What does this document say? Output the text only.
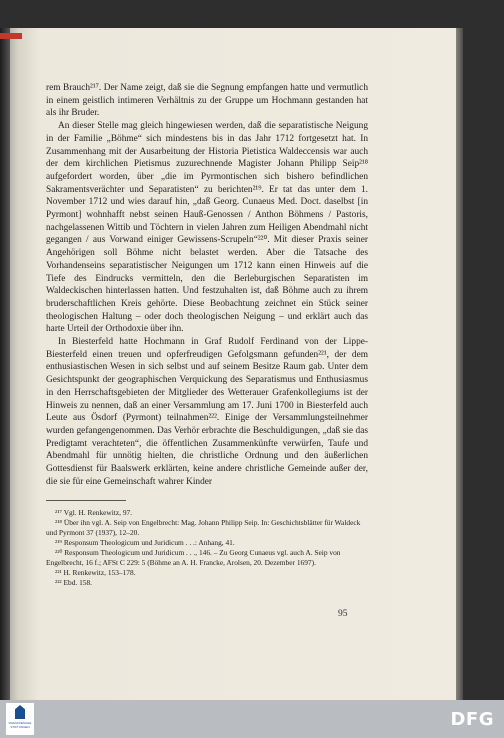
rem Brauch²¹⁷. Der Name zeigt, daß sie die Segnung empfangen hatte und vermutlich in einem geistlich intimeren Verhältnis zu der Gruppe um Hochmann gestanden hat als ihr Bruder.

An dieser Stelle mag gleich hingewiesen werden, daß die separatistische Neigung in der Familie „Böhme“ sich mindestens bis in das Jahr 1712 fortgesetzt hat. In Zusammenhang mit der Ausarbeitung der Historia Pietistica Waldeccensis war auch der dem kirchlichen Pietismus zuzurechnende Magister Johann Philipp Seip²¹⁸ aufgefordert worden, über „die im Pyrmontischen sich bishero befindlichen Sakramentsverächter und Separatisten“ zu berichten²¹⁹. Er tat das unter dem 1. November 1712 und wies darauf hin, „daß Georg. Cunaeus Med. Doct. daselbst [in Pyrmont] wohnhafft nebst seinen Hauß-Genossen / Anthon Böhmens / Pastoris, nachgelassenen Wittib und Töchtern in vielen Jahren zum Heiligen Abendmahl nicht gegangen / aus Vorwand einiger Gewissens-Scrupeln“²²⁰. Mit dieser Praxis seiner Angehörigen soll Böhme nicht belastet werden. Aber die Tatsache des Vorhandenseins separatistischer Neigungen um 1712 kann einen Hinweis auf die Tiefe des Eindrucks vermitteln, den die Berleburgischen Separatisten im Waldeckischen hinterlassen hatten. Und festzuhalten ist, daß Böhme auch zu ihrem bruderschaftlichen Kreis gehörte. Diese Beobachtung zeichnet ein Stück seiner theologischen Haltung – oder doch theologischen Neigung – und erklärt auch das harte Urteil der Orthodoxie über ihn.

In Biesterfeld hatte Hochmann in Graf Rudolf Ferdinand von der Lippe-Biesterfeld einen treuen und opferfreudigen Gefolgsmann gefunden²²¹, der dem enthusiastischen Wesen in sich selbst und auf seinem Besitze Raum gab. Unter dem Gesichtspunkt der geographischen Verquickung des Separatismus und Enthusiasmus in den Herrschaftsgebieten der Mitglieder des Wetterauer Grafenkollegiums ist der Hinweis zu nennen, daß an einer Versammlung am 17. Juni 1700 in Biesterfeld auch Leute aus Ösdorf (Pyrmont) teilnahmen²²². Einige der Versammlungsteilnehmer wurden gefangengenommen. Das Verhör erbrachte die Beschuldigungen, „daß sie das Predigtamt verachteten“, die öffentlichen Zusammenkünfte verwürfen, Taufe und Abendmahl für unnötig hielten, die christliche Ordnung und den äußerlichen Gottesdienst für Baalswerk erklärten, keine andere christliche Gemeinde außer der, die sie für eine Gemeinschaft wahrer Kinder

²¹⁷ Vgl. H. Renkewitz, 97.
²¹⁸ Über ihn vgl. A. Seip von Engelbrecht: Mag. Johann Philipp Seip. In: Geschichtsblätter für Waldeck und Pyrmont 37 (1937), 12–20.
²¹⁹ Responsum Theologicum und Juridicum . . .: Anhang, 41.
²²⁰ Responsum Theologicum und Juridicum . . ., 146. – Zu Georg Cunaeus vgl. auch A. Seip von Engelbrecht, 16 f.; AFSt C 229: 5 (Böhme an A. H. Francke, Arolsen, 20. Dezember 1697).
²²¹ H. Renkewitz, 153–178.
²²² Ebd. 158.
95
FRANCKESCHE STIFTUNGEN	DFG
